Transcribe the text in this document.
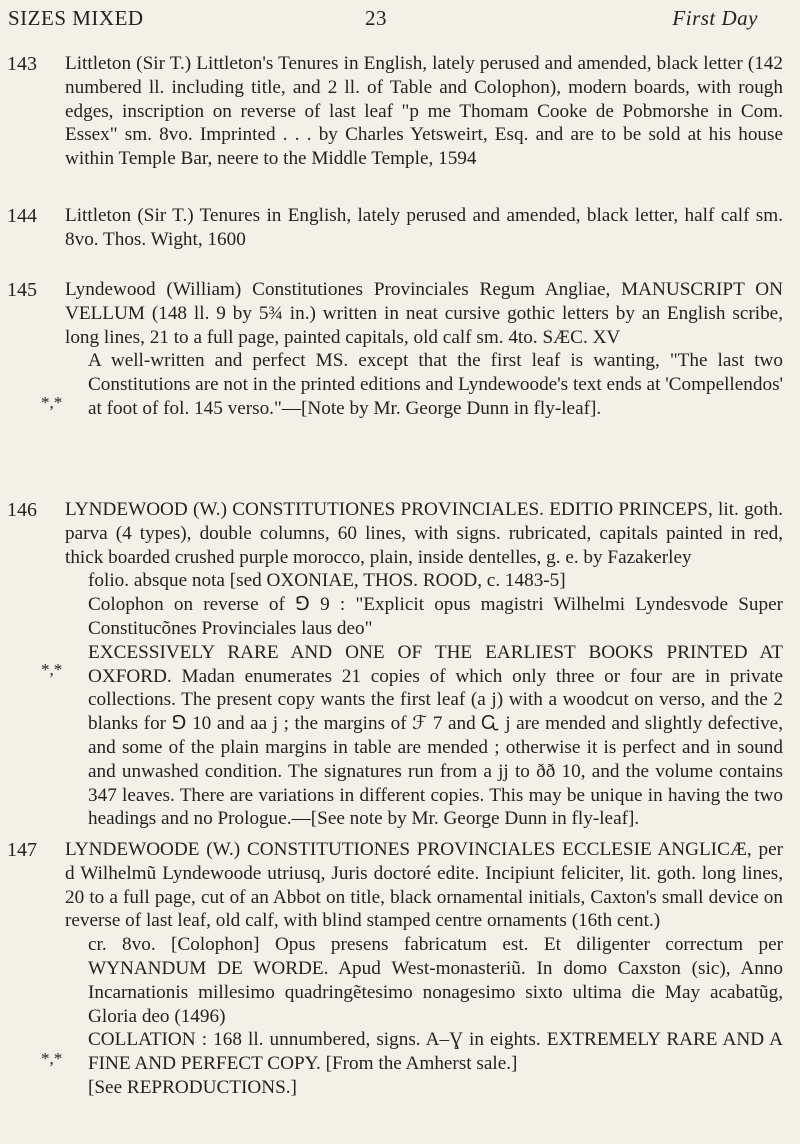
SIZES MIXED	23	First Day
143 Littleton (Sir T.) Littleton's Tenures in English, lately perused and amended, black letter (142 numbered ll. including title, and 2 ll. of Table and Colophon), modern boards, with rough edges, inscription on reverse of last leaf "p me Thomam Cooke de Pobmorshe in Com. Essex" sm. 8vo. Imprinted . . . by Charles Yetsweirt, Esq. and are to be sold at his house within Temple Bar, neere to the Middle Temple, 1594

144 Littleton (Sir T.) Tenures in English, lately perused and amended, black letter, half calf sm. 8vo. Thos. Wight, 1600

145 Lyndewood (William) Constitutiones Provinciales Regum Angliae, MANUSCRIPT ON VELLUM (148 ll. 9 by 5¾ in.) written in neat cursive gothic letters by an English scribe, long lines, 21 to a full page, painted capitals, old calf sm. 4to. SÆC. XV

A well-written and perfect MS. except that the first leaf is wanting, "The last two Constitutions are not in the printed editions and Lyndewoode's text ends at 'Compellendos' at foot of fol. 145 verso."—[Note by Mr. George Dunn in fly-leaf].

*,*
146 LYNDEWOOD (W.) CONSTITUTIONES PROVINCIALES. EDITIO PRINCEPS, lit. goth. parva (4 types), double columns, 60 lines, with signs. rubricated, capitals painted in red, thick boarded crushed purple morocco, plain, inside dentelles, g. e. by Fazakerley

folio. absque nota [sed OXONIAE, THOS. ROOD, c. 1483-5]

Colophon on reverse of ⅁ 9 : "Explicit opus magistri Wilhelmi Lyndesvode Super Constitucõnes Provinciales laus deo"

EXCESSIVELY RARE AND ONE OF THE EARLIEST BOOKS PRINTED AT OXFORD. Madan enumerates 21 copies of which only three or four are in private collections. The present copy wants the first leaf (a j) with a woodcut on verso, and the 2 blanks for ⅁ 10 and aa j ; the margins of ℱ 7 and Ꮹ j are mended and slightly defective, and some of the plain margins in table are mended ; otherwise it is perfect and in sound and unwashed condition. The signatures run from a jj to ðð 10, and the volume contains 347 leaves. There are variations in different copies. This may be unique in having the two headings and no Prologue.—[See note by Mr. George Dunn in fly-leaf].

*,*
147 LYNDEWOODE (W.) CONSTITUTIONES PROVINCIALES ECCLESIE ANGLICÆ, per d Wilhelmũ Lyndewoode utriusq, Juris doctoré edite. Incipiunt feliciter, lit. goth. long lines, 20 to a full page, cut of an Abbot on title, black ornamental initials, Caxton's small device on reverse of last leaf, old calf, with blind stamped centre ornaments (16th cent.)

cr. 8vo. [Colophon] Opus presens fabricatum est. Et diligenter correctum per WYNANDUM DE WORDE. Apud West-monasteriũ. In domo Caxston (sic), Anno Incarnationis millesimo quadringẽtesimo nonagesimo sixto ultima die May acabatũg, Gloria deo (1496)

COLLATION : 168 ll. unnumbered, signs. A–Ɣ in eights. EXTREMELY RARE AND A FINE AND PERFECT COPY. [From the Amherst sale.]

[See REPRODUCTIONS.]

*,*
